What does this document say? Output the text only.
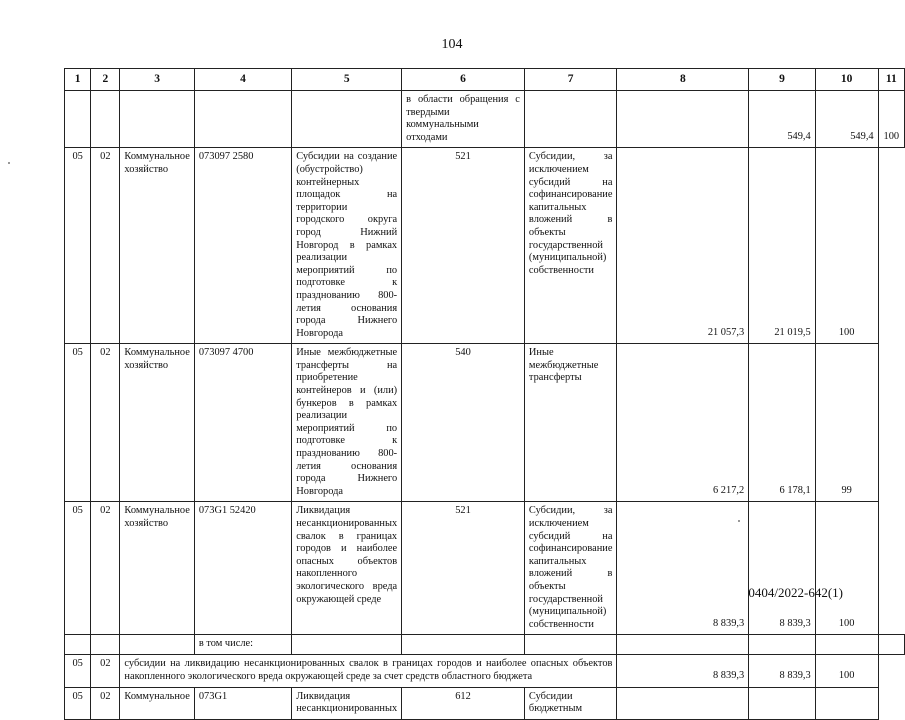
104
1	2	3	4	5	6	7	8	9	10	11
					в области обращения с твердыми коммунальными отходами			549,4	549,4	100
05	02	Коммунальное хозяйство	073097 2580	Субсидии на создание (обустройство) контейнерных площадок на территории городского округа город Нижний Новгород в рамках реализации мероприятий по подготовке к празднованию 800-летия основания города Нижнего Новгорода	521	Субсидии, за исключением субсидий на софинансирование капитальных вложений в объекты государственной (муниципальной) собственности	21 057,3	21 019,5	100	
05	02	Коммунальное хозяйство	073097 4700	Иные межбюджетные трансферты на приобретение контейнеров и (или) бункеров в рамках реализации мероприятий по подготовке к празднованию 800-летия основания города Нижнего Новгорода	540	Иные межбюджетные трансферты	6 217,2	6 178,1	99	
05	02	Коммунальное хозяйство	073G1 52420	Ликвидация несанкционированных свалок в границах городов и наиболее опасных объектов накопленного экологического вреда окружающей среде	521	Субсидии, за исключением субсидий на софинансирование капитальных вложений в объекты государственной (муниципальной) собственности	8 839,3	8 839,3	100	
			в том числе:							
05	02	субсидии на ликвидацию несанкционированных свалок в границах городов и наиболее опасных объектов накопленного экологического вреда окружающей среде за счет средств областного бюджета					8 839,3	8 839,3	100	
05	02	Коммунальное	073G1	Ликвидация несанкционированных	612	Субсидии бюджетным				
0404/2022-642(1)
